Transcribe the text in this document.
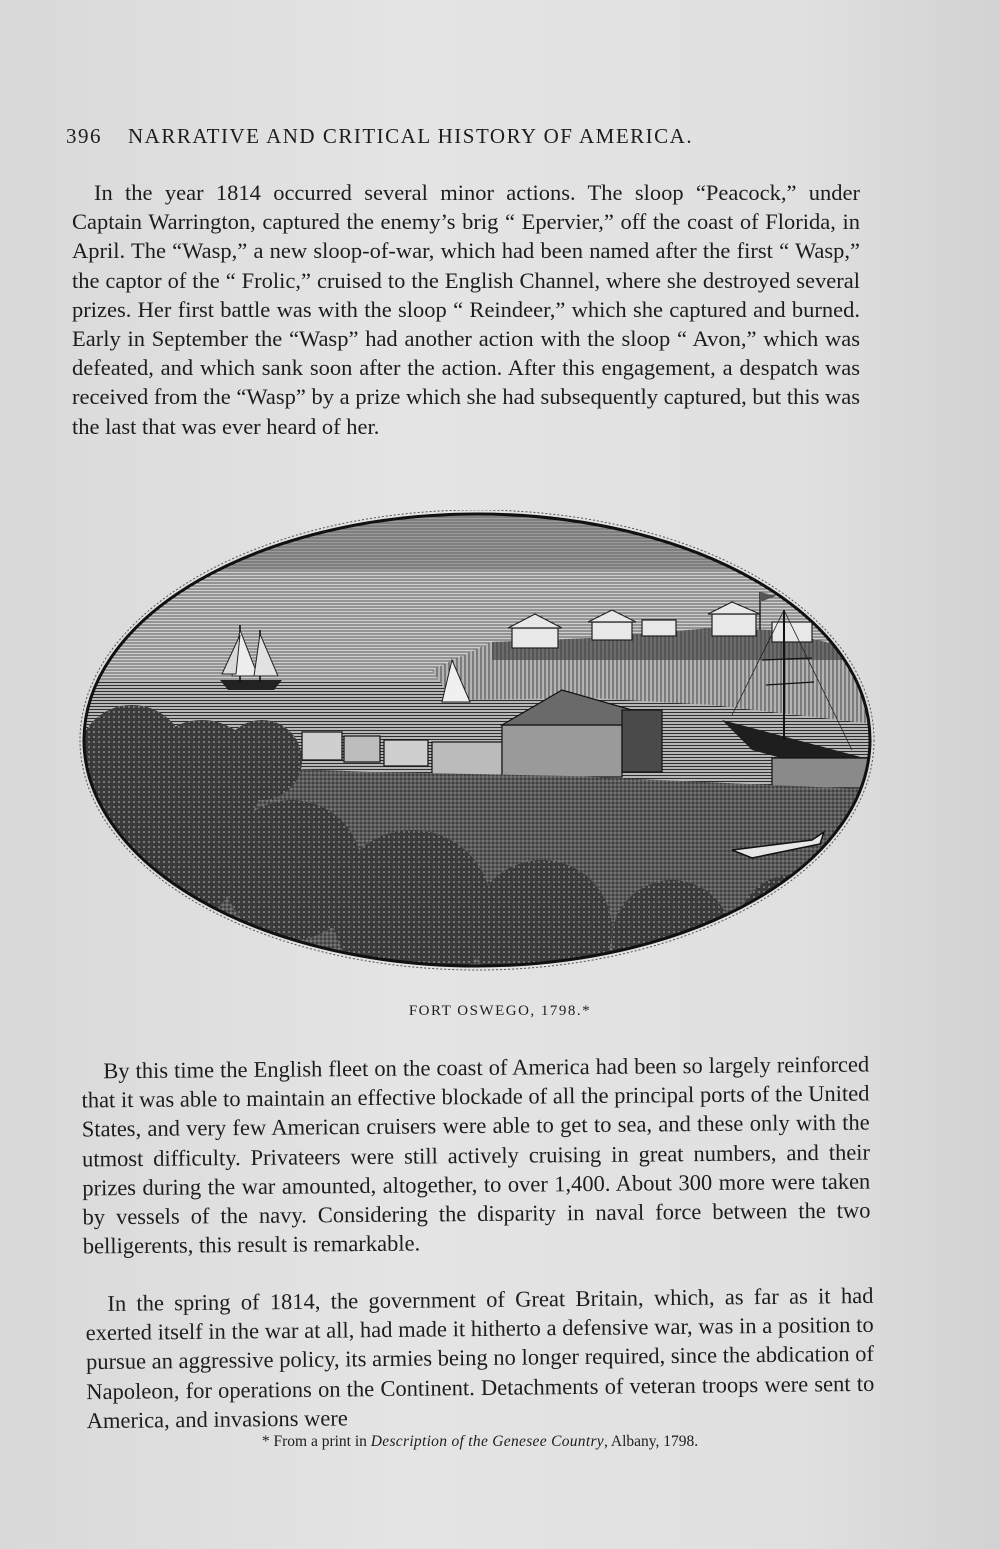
396 NARRATIVE AND CRITICAL HISTORY OF AMERICA.

In the year 1814 occurred several minor actions. The sloop “Peacock,” under Captain Warrington, captured the enemy’s brig “ Epervier,” off the coast of Florida, in April. The “Wasp,” a new sloop-of-war, which had been named after the first “ Wasp,” the captor of the “ Frolic,” cruised to the English Channel, where she destroyed several prizes. Her first battle was with the sloop “ Reindeer,” which she captured and burned. Early in September the “Wasp” had another action with the sloop “ Avon,” which was defeated, and which sank soon after the action. After this engagement, a despatch was received from the “Wasp” by a prize which she had subsequently captured, but this was the last that was ever heard of her.

FORT OSWEGO, 1798.*

By this time the English fleet on the coast of America had been so largely reinforced that it was able to maintain an effective blockade of all the principal ports of the United States, and very few American cruisers were able to get to sea, and these only with the utmost difficulty. Privateers were still actively cruising in great numbers, and their prizes during the war amounted, altogether, to over 1,400. About 300 more were taken by vessels of the navy. Considering the disparity in naval force between the two belligerents, this result is remarkable.

In the spring of 1814, the government of Great Britain, which, as far as it had exerted itself in the war at all, had made it hitherto a defensive war, was in a position to pursue an aggressive policy, its armies being no longer required, since the abdication of Napoleon, for operations on the Continent. Detachments of veteran troops were sent to America, and invasions were

* From a print in Description of the Genesee Country, Albany, 1798.
